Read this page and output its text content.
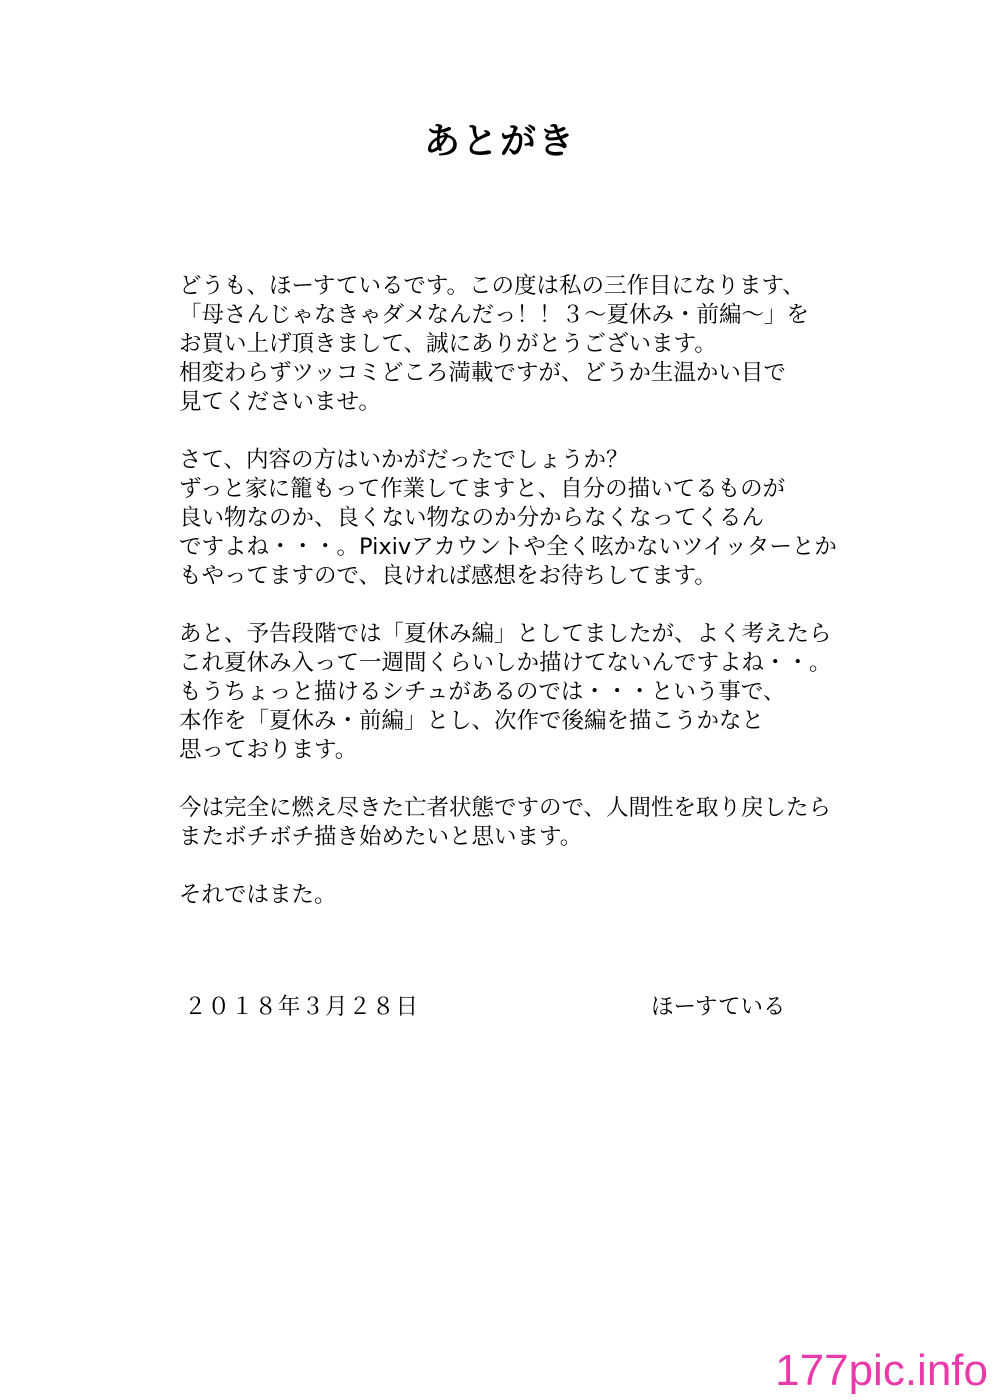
あとがき
どうも、ほーすているです。この度は私の三作目になります、
「母さんじゃなきゃダメなんだっ！！３～夏休み・前編～」を
お買い上げ頂きまして、誠にありがとうございます。
相変わらずツッコミどころ満載ですが、どうか生温かい目で
見てくださいませ。
さて、内容の方はいかがだったでしょうか？
ずっと家に籠もって作業してますと、自分の描いてるものが
良い物なのか、良くない物なのか分からなくなってくるん
ですよね・・・。Pixivアカウントや全く呟かないツイッターとか
もやってますので、良ければ感想をお待ちしてます。
あと、予告段階では「夏休み編」としてましたが、よく考えたら
これ夏休み入って一週間くらいしか描けてないんですよね・・。
もうちょっと描けるシチュがあるのでは・・・という事で、
本作を「夏休み・前編」とし、次作で後編を描こうかなと
思っております。
今は完全に燃え尽きた亡者状態ですので、人間性を取り戻したら
またボチボチ描き始めたいと思います。
それではまた。
２０１８年３月２８日	ほーすている
177pic.info
